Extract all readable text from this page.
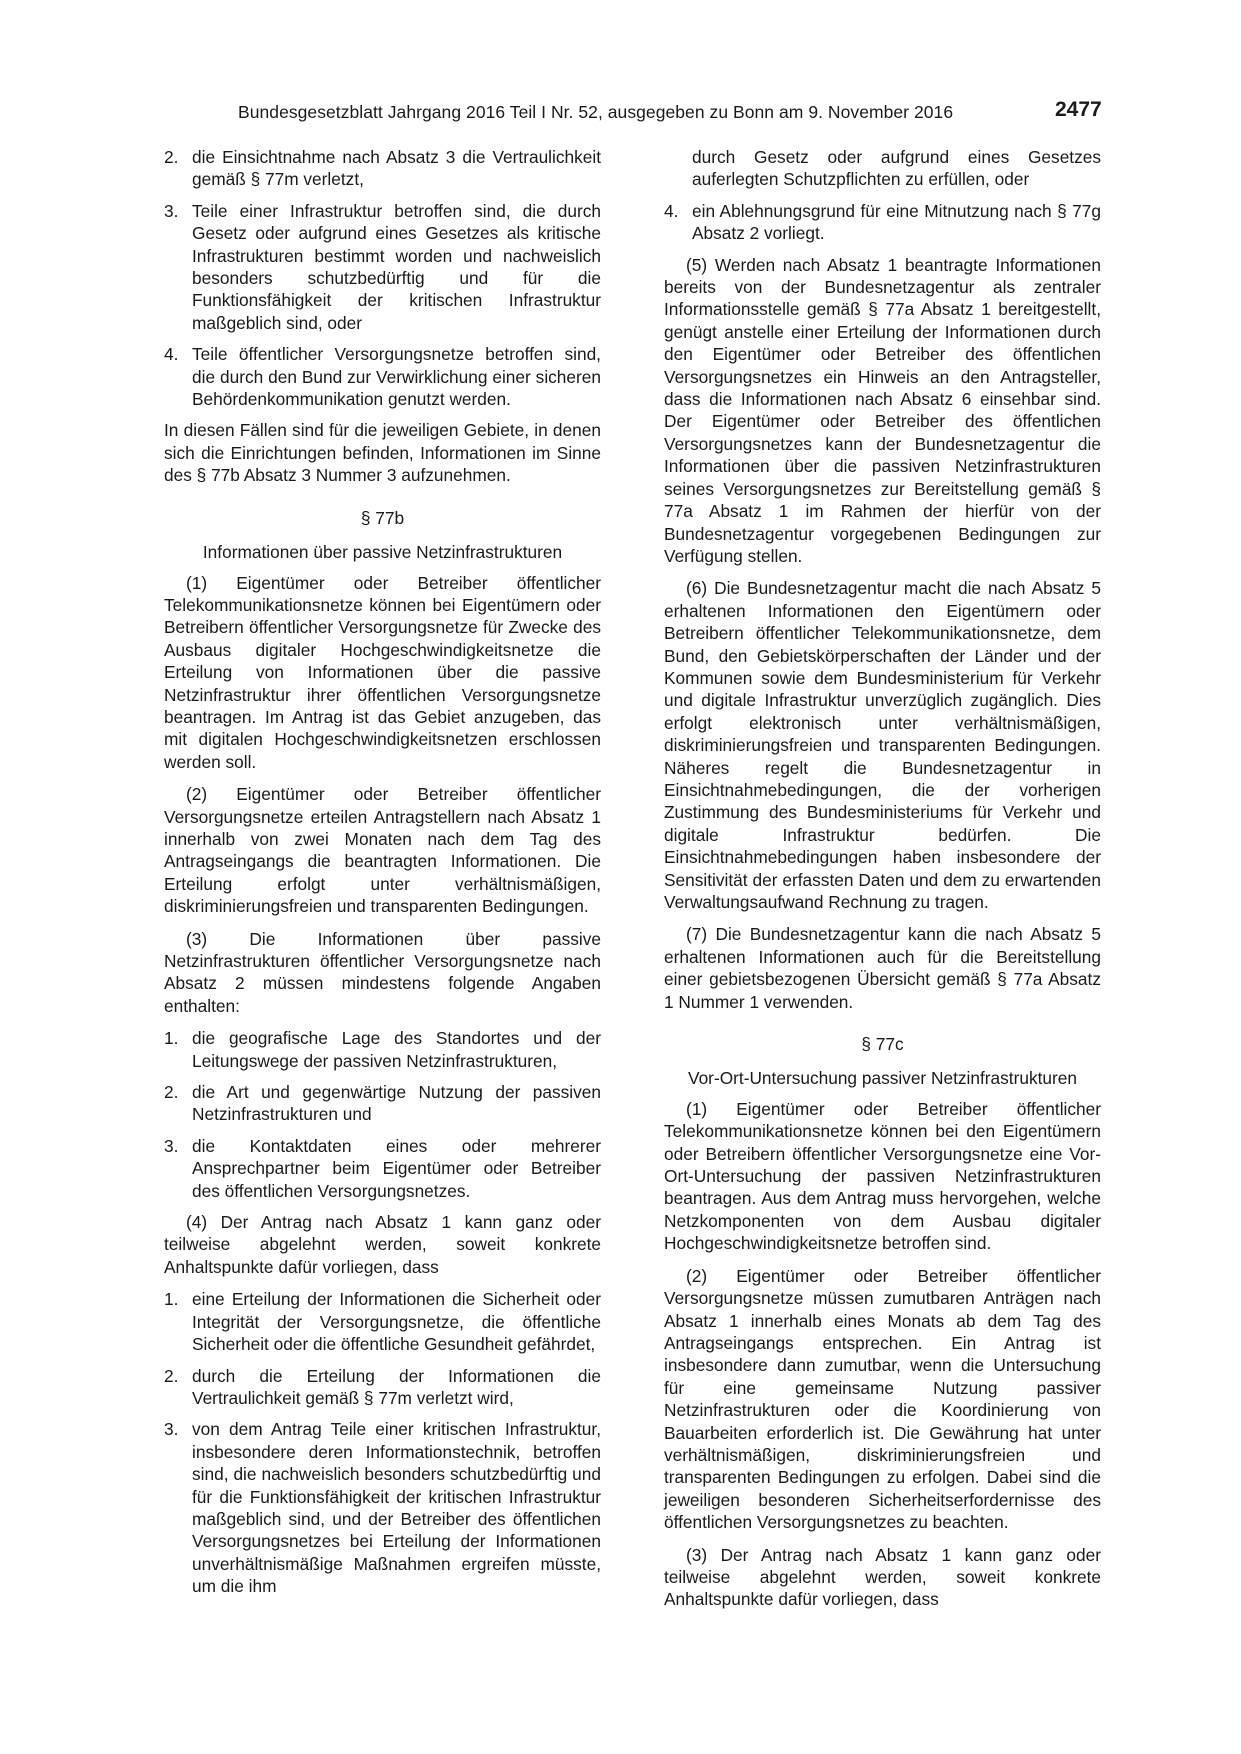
Bundesgesetzblatt Jahrgang 2016 Teil I Nr. 52, ausgegeben zu Bonn am 9. November 2016	2477
2. die Einsichtnahme nach Absatz 3 die Vertraulichkeit gemäß § 77m verletzt,
3. Teile einer Infrastruktur betroffen sind, die durch Gesetz oder aufgrund eines Gesetzes als kritische Infrastrukturen bestimmt worden und nachweislich besonders schutzbedürftig und für die Funktionsfähigkeit der kritischen Infrastruktur maßgeblich sind, oder
4. Teile öffentlicher Versorgungsnetze betroffen sind, die durch den Bund zur Verwirklichung einer sicheren Behördenkommunikation genutzt werden.

In diesen Fällen sind für die jeweiligen Gebiete, in denen sich die Einrichtungen befinden, Informationen im Sinne des § 77b Absatz 3 Nummer 3 aufzunehmen.

§ 77b
Informationen über passive Netzinfrastrukturen

(1) Eigentümer oder Betreiber öffentlicher Telekommunikationsnetze können bei Eigentümern oder Betreibern öffentlicher Versorgungsnetze für Zwecke des Ausbaus digitaler Hochgeschwindigkeitsnetze die Erteilung von Informationen über die passive Netzinfrastruktur ihrer öffentlichen Versorgungsnetze beantragen. Im Antrag ist das Gebiet anzugeben, das mit digitalen Hochgeschwindigkeitsnetzen erschlossen werden soll.

(2) Eigentümer oder Betreiber öffentlicher Versorgungsnetze erteilen Antragstellern nach Absatz 1 innerhalb von zwei Monaten nach dem Tag des Antragseingangs die beantragten Informationen. Die Erteilung erfolgt unter verhältnismäßigen, diskriminierungsfreien und transparenten Bedingungen.

(3) Die Informationen über passive Netzinfrastrukturen öffentlicher Versorgungsnetze nach Absatz 2 müssen mindestens folgende Angaben enthalten:

1. die geografische Lage des Standortes und der Leitungswege der passiven Netzinfrastrukturen,
2. die Art und gegenwärtige Nutzung der passiven Netzinfrastrukturen und
3. die Kontaktdaten eines oder mehrerer Ansprechpartner beim Eigentümer oder Betreiber des öffentlichen Versorgungsnetzes.

(4) Der Antrag nach Absatz 1 kann ganz oder teilweise abgelehnt werden, soweit konkrete Anhaltspunkte dafür vorliegen, dass

1. eine Erteilung der Informationen die Sicherheit oder Integrität der Versorgungsnetze, die öffentliche Sicherheit oder die öffentliche Gesundheit gefährdet,
2. durch die Erteilung der Informationen die Vertraulichkeit gemäß § 77m verletzt wird,
3. von dem Antrag Teile einer kritischen Infrastruktur, insbesondere deren Informationstechnik, betroffen sind, die nachweislich besonders schutzbedürftig und für die Funktionsfähigkeit der kritischen Infrastruktur maßgeblich sind, und der Betreiber des öffentlichen Versorgungsnetzes bei Erteilung der Informationen unverhältnismäßige Maßnahmen ergreifen müsste, um die ihm
durch Gesetz oder aufgrund eines Gesetzes auferlegten Schutzpflichten zu erfüllen, oder
4. ein Ablehnungsgrund für eine Mitnutzung nach § 77g Absatz 2 vorliegt.

(5) Werden nach Absatz 1 beantragte Informationen bereits von der Bundesnetzagentur als zentraler Informationsstelle gemäß § 77a Absatz 1 bereitgestellt, genügt anstelle einer Erteilung der Informationen durch den Eigentümer oder Betreiber des öffentlichen Versorgungsnetzes ein Hinweis an den Antragsteller, dass die Informationen nach Absatz 6 einsehbar sind. Der Eigentümer oder Betreiber des öffentlichen Versorgungsnetzes kann der Bundesnetzagentur die Informationen über die passiven Netzinfrastrukturen seines Versorgungsnetzes zur Bereitstellung gemäß § 77a Absatz 1 im Rahmen der hierfür von der Bundesnetzagentur vorgegebenen Bedingungen zur Verfügung stellen.

(6) Die Bundesnetzagentur macht die nach Absatz 5 erhaltenen Informationen den Eigentümern oder Betreibern öffentlicher Telekommunikationsnetze, dem Bund, den Gebietskörperschaften der Länder und der Kommunen sowie dem Bundesministerium für Verkehr und digitale Infrastruktur unverzüglich zugänglich. Dies erfolgt elektronisch unter verhältnismäßigen, diskriminierungsfreien und transparenten Bedingungen. Näheres regelt die Bundesnetzagentur in Einsichtnahmebedingungen, die der vorherigen Zustimmung des Bundesministeriums für Verkehr und digitale Infrastruktur bedürfen. Die Einsichtnahmebedingungen haben insbesondere der Sensitivität der erfassten Daten und dem zu erwartenden Verwaltungsaufwand Rechnung zu tragen.

(7) Die Bundesnetzagentur kann die nach Absatz 5 erhaltenen Informationen auch für die Bereitstellung einer gebietsbezogenen Übersicht gemäß § 77a Absatz 1 Nummer 1 verwenden.

§ 77c
Vor-Ort-Untersuchung passiver Netzinfrastrukturen

(1) Eigentümer oder Betreiber öffentlicher Telekommunikationsnetze können bei den Eigentümern oder Betreibern öffentlicher Versorgungsnetze eine Vor-Ort-Untersuchung der passiven Netzinfrastrukturen beantragen. Aus dem Antrag muss hervorgehen, welche Netzkomponenten von dem Ausbau digitaler Hochgeschwindigkeitsnetze betroffen sind.

(2) Eigentümer oder Betreiber öffentlicher Versorgungsnetze müssen zumutbaren Anträgen nach Absatz 1 innerhalb eines Monats ab dem Tag des Antragseingangs entsprechen. Ein Antrag ist insbesondere dann zumutbar, wenn die Untersuchung für eine gemeinsame Nutzung passiver Netzinfrastrukturen oder die Koordinierung von Bauarbeiten erforderlich ist. Die Gewährung hat unter verhältnismäßigen, diskriminierungsfreien und transparenten Bedingungen zu erfolgen. Dabei sind die jeweiligen besonderen Sicherheitserfordernisse des öffentlichen Versorgungsnetzes zu beachten.

(3) Der Antrag nach Absatz 1 kann ganz oder teilweise abgelehnt werden, soweit konkrete Anhaltspunkte dafür vorliegen, dass
